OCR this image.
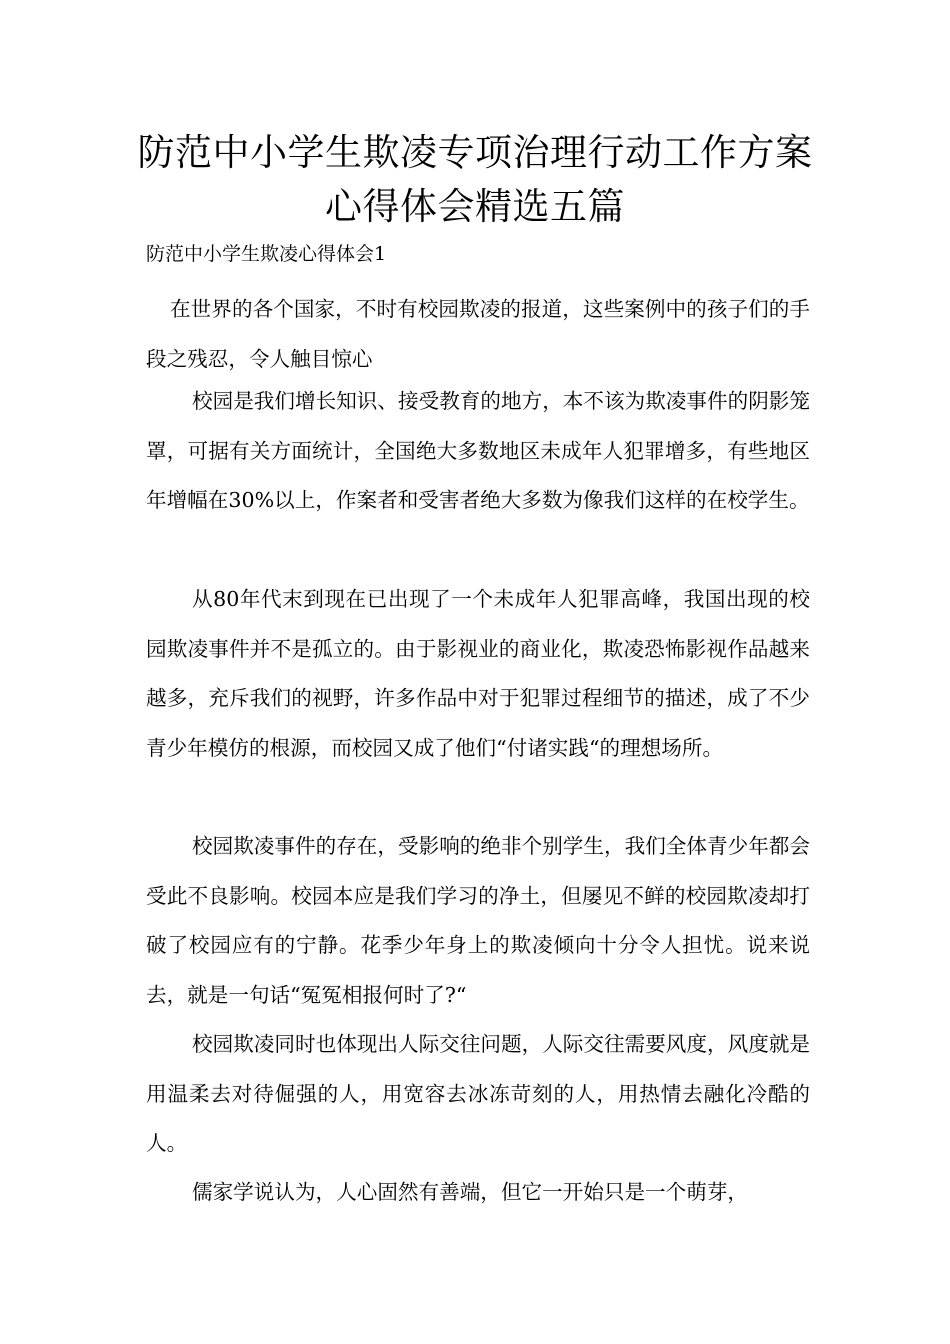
防范中小学生欺凌专项治理行动工作方案心得体会精选五篇

防范中小学生欺凌心得体会1

在世界的各个国家，不时有校园欺凌的报道，这些案例中的孩子们的手段之残忍，令人触目惊心

校园是我们增长知识、接受教育的地方，本不该为欺凌事件的阴影笼罩，可据有关方面统计，全国绝大多数地区未成年人犯罪增多，有些地区年增幅在30%以上，作案者和受害者绝大多数为像我们这样的在校学生。

从80年代末到现在已出现了一个未成年人犯罪高峰，我国出现的校园欺凌事件并不是孤立的。由于影视业的商业化，欺凌恐怖影视作品越来越多，充斥我们的视野，许多作品中对于犯罪过程细节的描述，成了不少青少年模仿的根源，而校园又成了他们“付诸实践“的理想场所。

校园欺凌事件的存在，受影响的绝非个别学生，我们全体青少年都会受此不良影响。校园本应是我们学习的净土，但屡见不鲜的校园欺凌却打破了校园应有的宁静。花季少年身上的欺凌倾向十分令人担忧。说来说去，就是一句话“冤冤相报何时了?“

校园欺凌同时也体现出人际交往问题，人际交往需要风度，风度就是用温柔去对待倔强的人，用宽容去冰冻苛刻的人，用热情去融化冷酷的人。

儒家学说认为，人心固然有善端，但它一开始只是一个萌芽，
